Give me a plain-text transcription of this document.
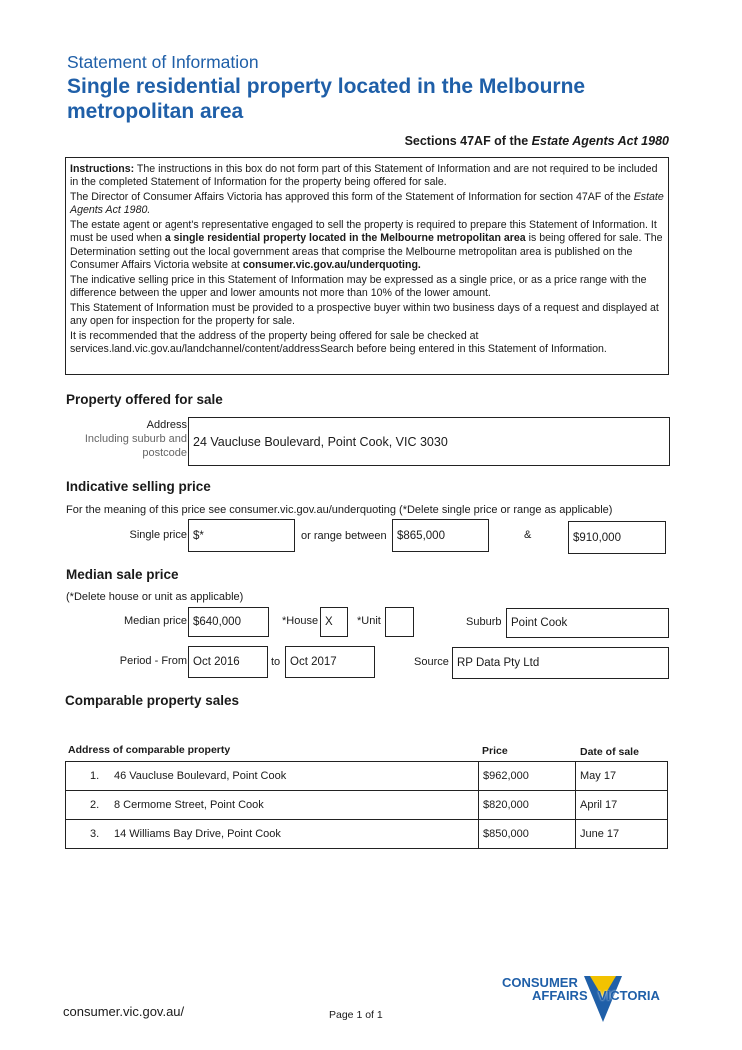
Statement of Information
Single residential property located in the Melbourne metropolitan area
Sections 47AF of the Estate Agents Act 1980

Instructions: The instructions in this box do not form part of this Statement of Information and are not required to be included in the completed Statement of Information for the property being offered for sale.

The Director of Consumer Affairs Victoria has approved this form of the Statement of Information for section 47AF of the Estate Agents Act 1980.

The estate agent or agent's representative engaged to sell the property is required to prepare this Statement of Information. It must be used when a single residential property located in the Melbourne metropolitan area is being offered for sale. The Determination setting out the local government areas that comprise the Melbourne metropolitan area is published on the Consumer Affairs Victoria website at consumer.vic.gov.au/underquoting.

The indicative selling price in this Statement of Information may be expressed as a single price, or as a price range with the difference between the upper and lower amounts not more than 10% of the lower amount.

This Statement of Information must be provided to a prospective buyer within two business days of a request and displayed at any open for inspection for the property for sale.

It is recommended that the address of the property being offered for sale be checked at services.land.vic.gov.au/landchannel/content/addressSearch before being entered in this Statement of Information.

Property offered for sale
Address
Including suburb and
postcode
24 Vaucluse Boulevard, Point Cook, VIC 3030
Indicative selling price
For the meaning of this price see consumer.vic.gov.au/underquoting (*Delete single price or range as applicable)
Single price $*	or range between $865,000	&	$910,000
Median sale price
(*Delete house or unit as applicable)
Median price $640,000	*House X	*Unit	Suburb Point Cook
Period - From Oct 2016	to Oct 2017	Source RP Data Pty Ltd
Comparable property sales
Address of comparable property	Price	Date of sale
1.	46 Vaucluse Boulevard, Point Cook	$962,000	May 17
2.	8 Cermome Street, Point Cook	$820,000	April 17
3.	14 Williams Bay Drive, Point Cook	$850,000	June 17
consumer.vic.gov.au/	Page 1 of 1
CONSUMER
AFFAIRS VICTORIA
